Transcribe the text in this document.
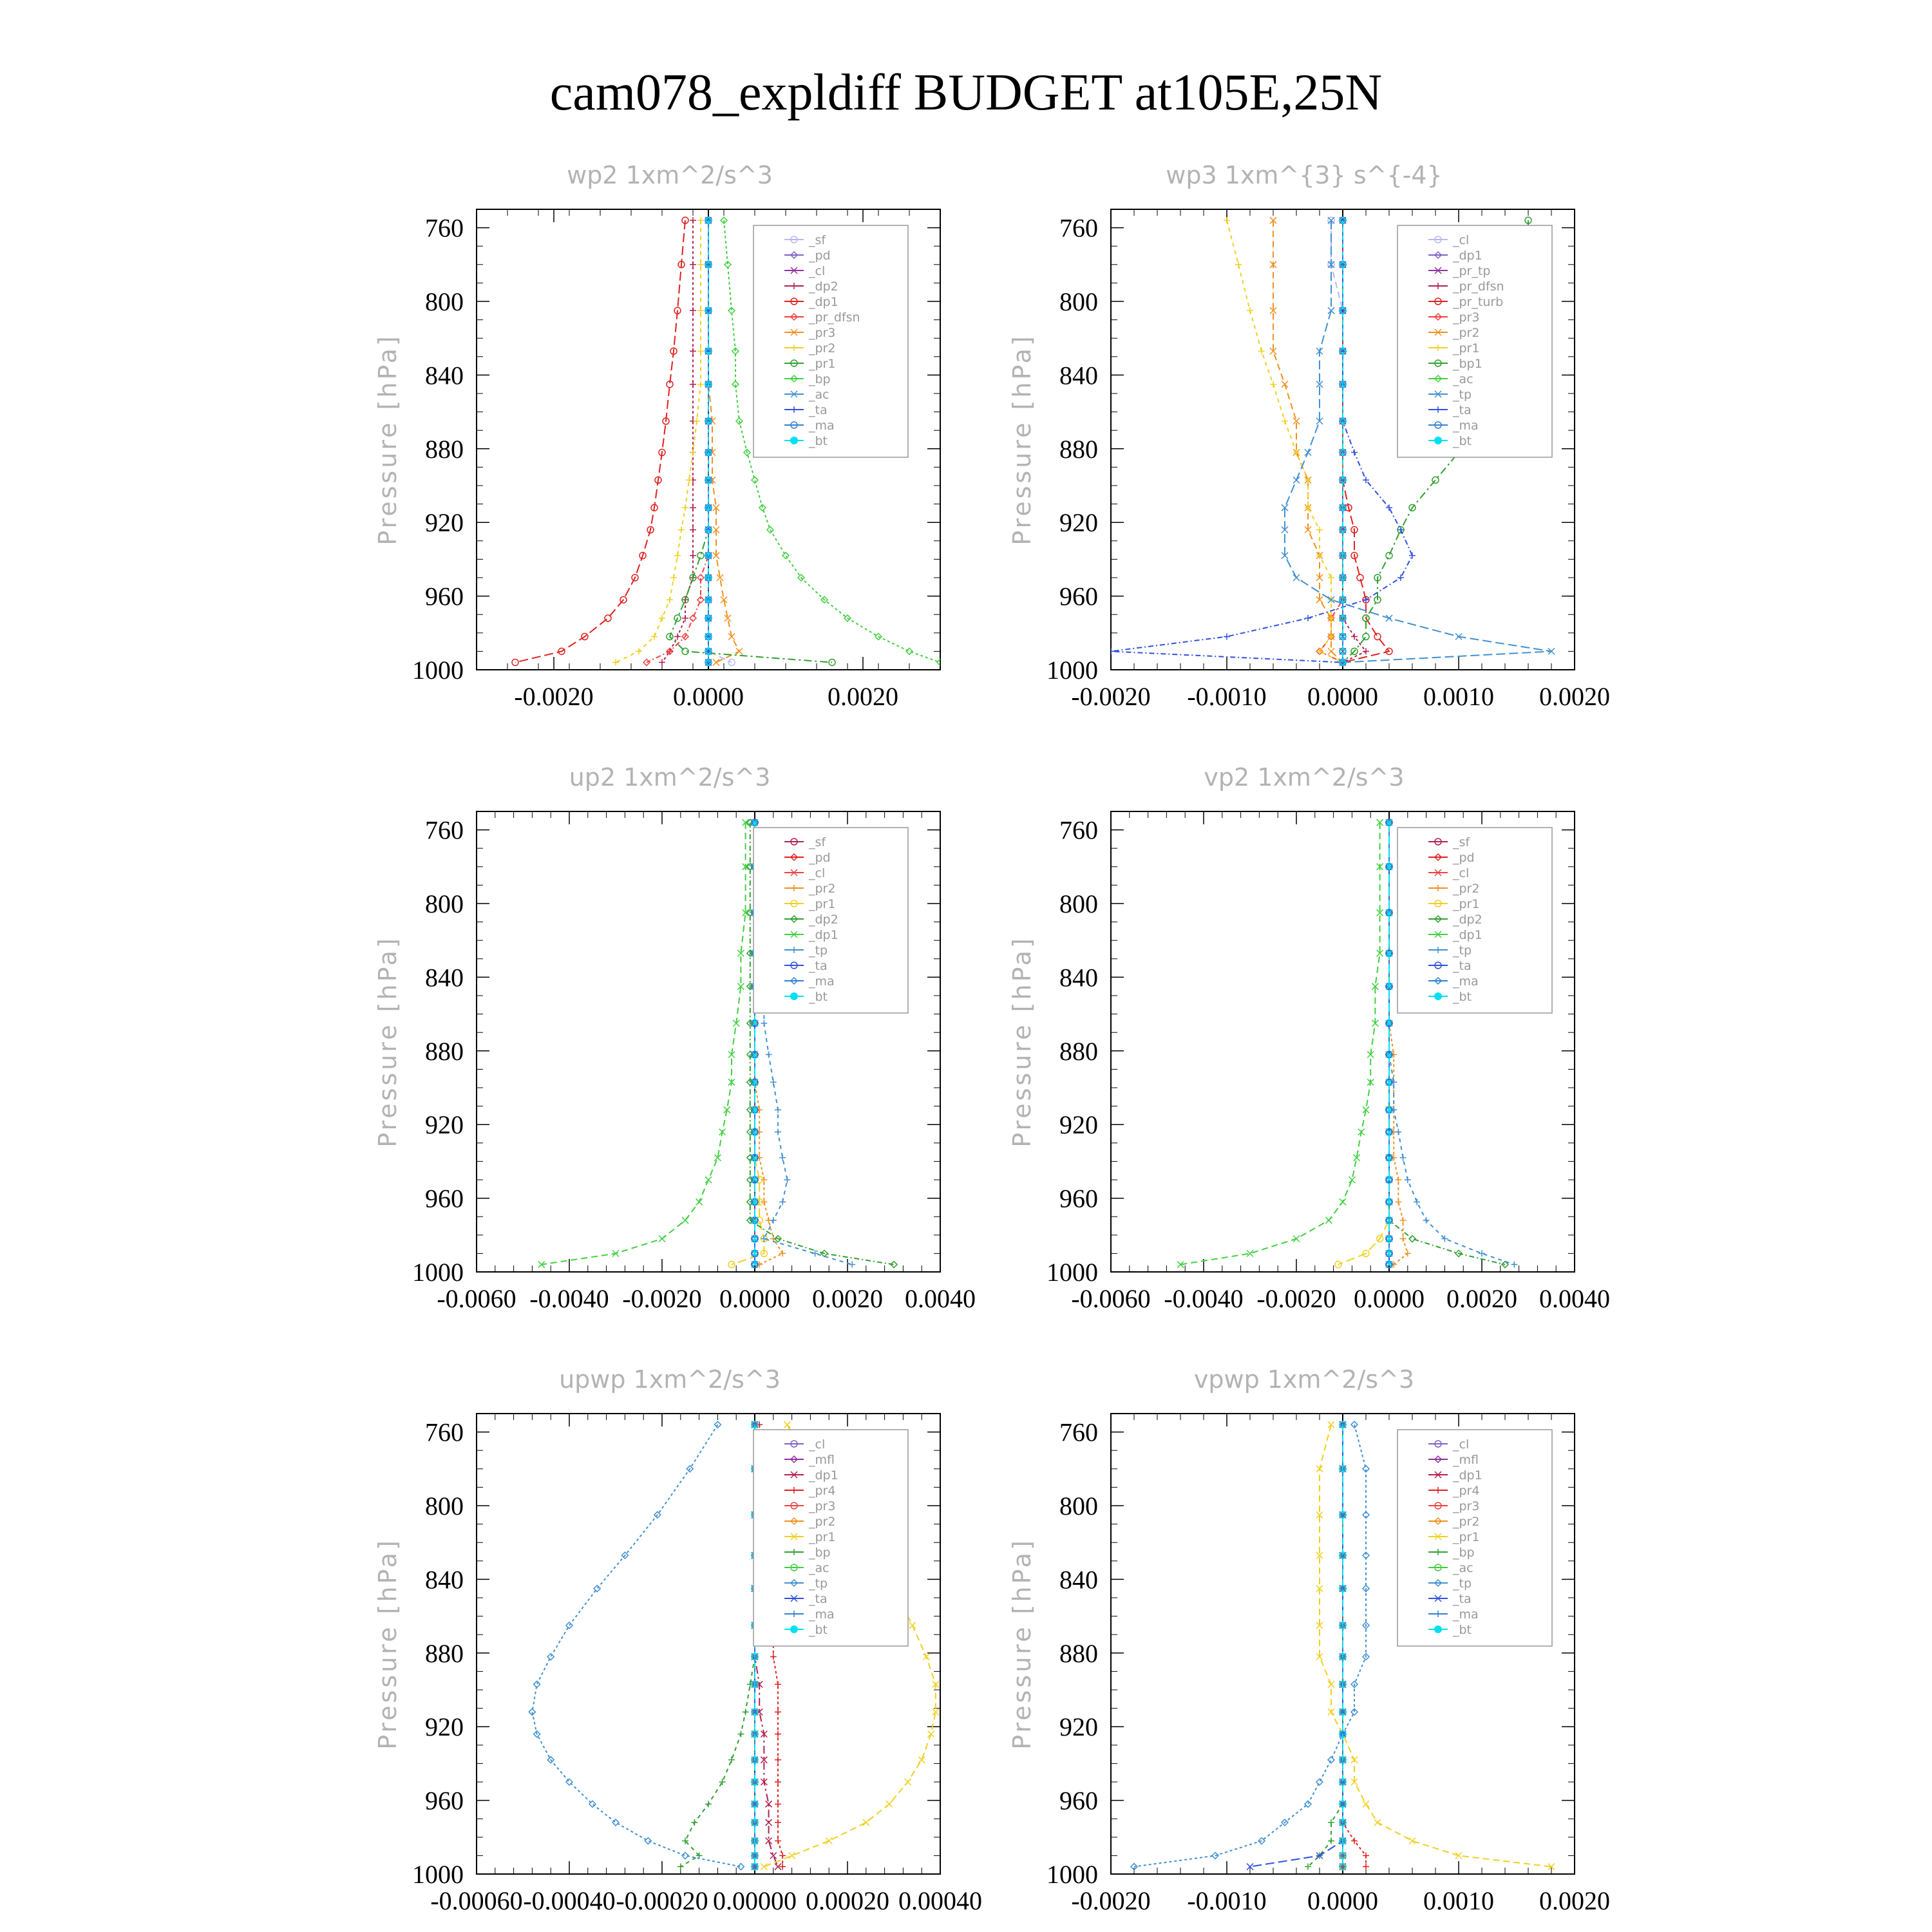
cam078_expldiff BUDGET at105E,25N
wp2 1xm^2/s^3
Pressure [hPa]
760
800
840
880
920
960
1000
-0.0020	0.0000	0.0020
_sf
_pd
_cl
_dp2
_dp1
_pr_dfsn
_pr3
_pr2
_pr1
_bp
_ac
_ta
_ma
_bt
wp3 1xm^{3} s^{-4}
Pressure [hPa]
760
800
840
880
920
960
1000
-0.0020 -0.0010 0.0000 0.0010 0.0020
_cl
_dp1
_pr_tp
_pr_dfsn
_pr_turb
_pr3
_pr2
_pr1
_bp1
_ac
_tp
_ta
_ma
_bt
up2 1xm^2/s^3
Pressure [hPa]
760
800
840
880
920
960
1000
-0.0060 -0.0040 -0.0020 0.0000 0.0020 0.0040
_sf
_pd
_cl
_pr2
_pr1
_dp2
_dp1
_tp
_ta
_ma
_bt
vp2 1xm^2/s^3
Pressure [hPa]
760
800
840
880
920
960
1000
-0.0060 -0.0040 -0.0020 0.0000 0.0020 0.0040
_sf
_pd
_cl
_pr2
_pr1
_dp2
_dp1
_tp
_ta
_ma
_bt
upwp 1xm^2/s^3
Pressure [hPa]
760
800
840
880
920
960
1000
-0.00060 -0.00040 -0.00020 0.00000 0.00020 0.00040
_cl
_mfl
_dp1
_pr4
_pr3
_pr2
_pr1
_bp
_ac
_tp
_ta
_ma
_bt
vpwp 1xm^2/s^3
Pressure [hPa]
760
800
840
880
920
960
1000
-0.0020 -0.0010 0.0000 0.0010 0.0020
_cl
_mfl
_dp1
_pr4
_pr3
_pr2
_pr1
_bp
_ac
_tp
_ta
_ma
_bt
